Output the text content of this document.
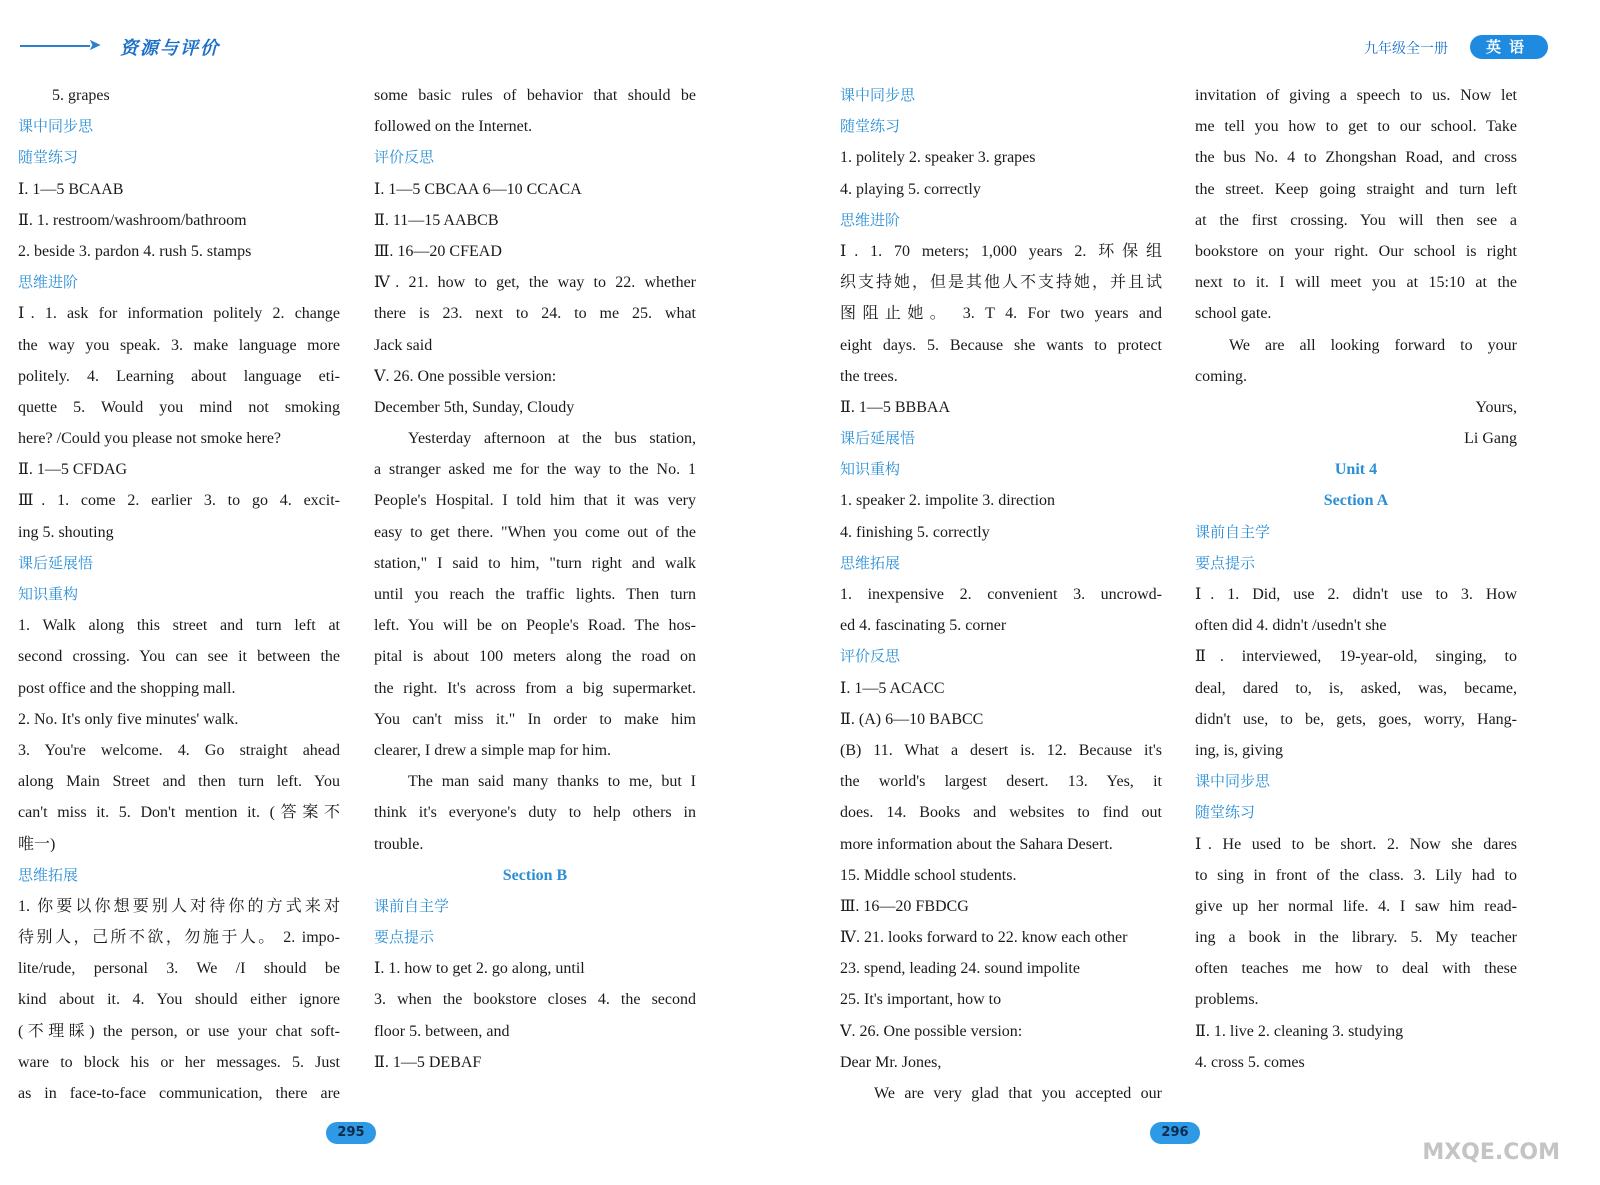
➤ 资源与评价	九年级全一册	英语
5. grapes
课中同步思
随堂练习
Ⅰ. 1—5 BCAAB
Ⅱ. 1. restroom/washroom/bathroom
2. beside 3. pardon 4. rush 5. stamps
思维进阶
Ⅰ. 1. ask for information politely 2. change
the way you speak. 3. make language more
politely. 4. Learning about language eti-
quette 5. Would you mind not smoking
here? /Could you please not smoke here?
Ⅱ. 1—5 CFDAG
Ⅲ. 1. come 2. earlier 3. to go 4. excit-
ing 5. shouting
课后延展悟
知识重构
1. Walk along this street and turn left at
second crossing. You can see it between the
post office and the shopping mall.
2. No. It's only five minutes' walk.
3. You're welcome. 4. Go straight ahead
along Main Street and then turn left. You
can't miss it. 5. Don't mention it. (答案不
唯一)
思维拓展
1. 你要以你想要别人对待你的方式来对
待别人，己所不欲，勿施于人。 2. impo-
lite/rude, personal 3. We /I should be
kind about it. 4. You should either ignore
(不理睬) the person, or use your chat soft-
ware to block his or her messages. 5. Just
as in face-to-face communication, there are
some basic rules of behavior that should be
followed on the Internet.
评价反思
Ⅰ. 1—5 CBCAA 6—10 CCACA
Ⅱ. 11—15 AABCB
Ⅲ. 16—20 CFEAD
Ⅳ. 21. how to get, the way to 22. whether
there is 23. next to 24. to me 25. what
Jack said
Ⅴ. 26. One possible version:
December 5th, Sunday, Cloudy
Yesterday afternoon at the bus station,
a stranger asked me for the way to the No. 1
People's Hospital. I told him that it was very
easy to get there. "When you come out of the
station," I said to him, "turn right and walk
until you reach the traffic lights. Then turn
left. You will be on People's Road. The hos-
pital is about 100 meters along the road on
the right. It's across from a big supermarket.
You can't miss it." In order to make him
clearer, I drew a simple map for him.
The man said many thanks to me, but I
think it's everyone's duty to help others in
trouble.
Section B
课前自主学
要点提示
Ⅰ. 1. how to get 2. go along, until
3. when the bookstore closes 4. the second
floor 5. between, and
Ⅱ. 1—5 DEBAF
课中同步思
随堂练习
1. politely 2. speaker 3. grapes
4. playing 5. correctly
思维进阶
Ⅰ. 1. 70 meters; 1,000 years 2. 环保组
织支持她，但是其他人不支持她，并且试
图阻止她。 3. T 4. For two years and
eight days. 5. Because she wants to protect
the trees.
Ⅱ. 1—5 BBBAA
课后延展悟
知识重构
1. speaker 2. impolite 3. direction
4. finishing 5. correctly
思维拓展
1. inexpensive 2. convenient 3. uncrowd-
ed 4. fascinating 5. corner
评价反思
Ⅰ. 1—5 ACACC
Ⅱ. (A) 6—10 BABCC
(B) 11. What a desert is. 12. Because it's
the world's largest desert. 13. Yes, it
does. 14. Books and websites to find out
more information about the Sahara Desert.
15. Middle school students.
Ⅲ. 16—20 FBDCG
Ⅳ. 21. looks forward to 22. know each other
23. spend, leading 24. sound impolite
25. It's important, how to
Ⅴ. 26. One possible version:
Dear Mr. Jones,
We are very glad that you accepted our
invitation of giving a speech to us. Now let
me tell you how to get to our school. Take
the bus No. 4 to Zhongshan Road, and cross
the street. Keep going straight and turn left
at the first crossing. You will then see a
bookstore on your right. Our school is right
next to it. I will meet you at 15:10 at the
school gate.
We are all looking forward to your
coming.
Yours,
Li Gang
Unit 4
Section A
课前自主学
要点提示
Ⅰ. 1. Did, use 2. didn't use to 3. How
often did 4. didn't /usedn't she
Ⅱ. interviewed, 19-year-old, singing, to
deal, dared to, is, asked, was, became,
didn't use, to be, gets, goes, worry, Hang-
ing, is, giving
课中同步思
随堂练习
Ⅰ. He used to be short. 2. Now she dares
to sing in front of the class. 3. Lily had to
give up her normal life. 4. I saw him read-
ing a book in the library. 5. My teacher
often teaches me how to deal with these
problems.
Ⅱ. 1. live 2. cleaning 3. studying
4. cross 5. comes
295	296
MXQE.COM
